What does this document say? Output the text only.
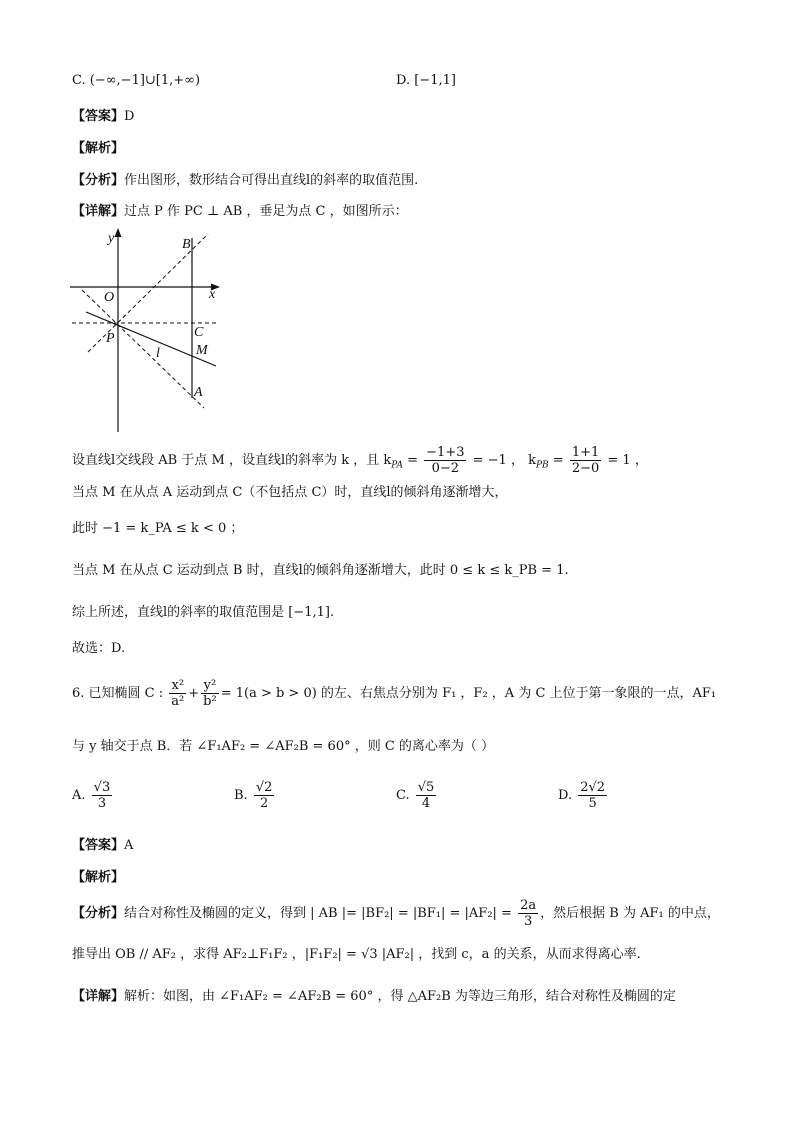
C. (−∞,−1]∪[1,+∞)	D. [−1,1]
【答案】D
【解析】
【分析】作出图形，数形结合可得出直线l的斜率的取值范围.
【详解】过点 P 作 PC ⊥ AB ，垂足为点 C ，如图所示：
y
x
O
B
C
P
l	M
A
设直线l交线段 AB 于点 M ，设直线l的斜率为 k ，且 $k_{PA} = \frac{-1+3}{0-2} = -1$ ， $k_{PB} = \frac{1+1}{2-0} = 1$ ，
当点 M 在从点 A 运动到点 C（不包括点 C）时，直线l的倾斜角逐渐增大，
此时 −1 = k_PA ≤ k < 0 ；
当点 M 在从点 C 运动到点 B 时，直线l的倾斜角逐渐增大，此时 0 ≤ k ≤ k_PB = 1.
综上所述，直线l的斜率的取值范围是 [−1,1].
故选：D.
6. 已知椭圆 C : $\frac{\text{x²}}{\text{a²}} + \frac{\text{y²}}{\text{b²}} = 1(a > b > 0)$ 的左、右焦点分别为 F₁ ，F₂ ，A 为 C 上位于第一象限的一点，AF₁
与 y 轴交于点 B．若 ∠F₁AF₂ = ∠AF₂B = 60° ，则 C 的离心率为（ ）
A. $\frac{√3}{3}$	B. $\frac{√2}{2}$	C. $\frac{√5}{4}$	D. $\frac{2√2}{5}$
【答案】A
【解析】
【分析】结合对称性及椭圆的定义，得到 | AB |= $|BF_2| = |BF_1| = |AF_2| = \frac{2a}{3}$ ，然后根据 B 为 AF₁ 的中点，
推导出 OB // AF₂ ，求得 AF₂⊥F₁F₂ ，|F₁F₂| = √3 |AF₂| ，找到 c，a 的关系，从而求得离心率.
【详解】解析：如图，由 ∠F₁AF₂ = ∠AF₂B = 60° ，得 △AF₂B 为等边三角形，结合对称性及椭圆的定
